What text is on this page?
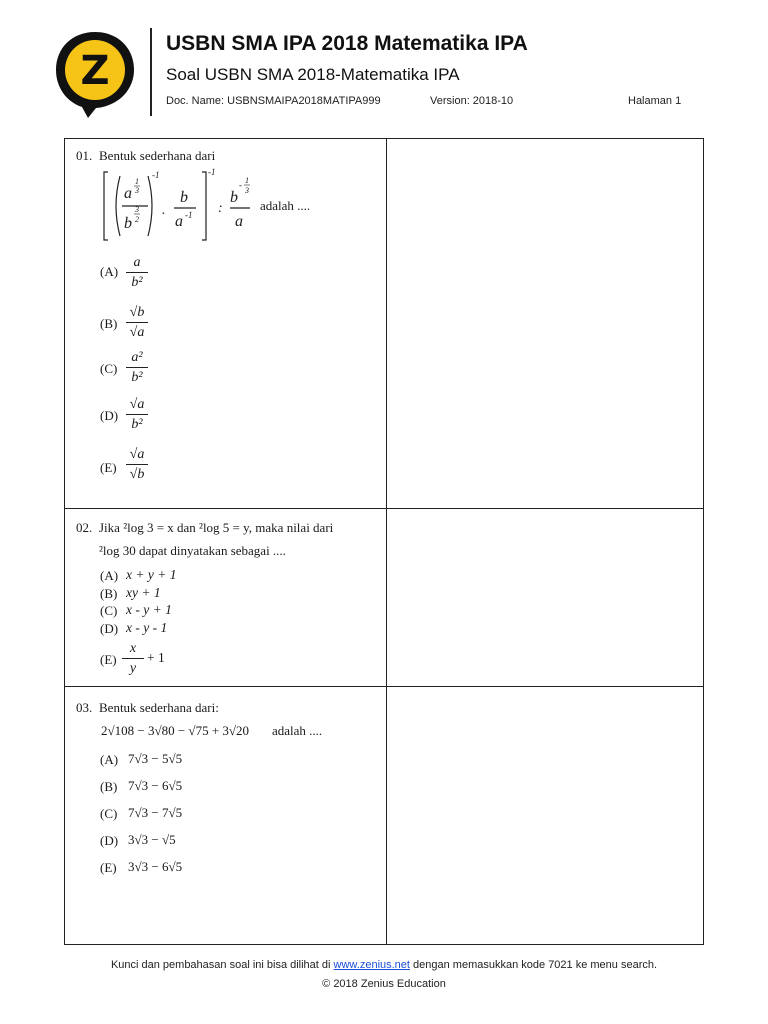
Z
USBN SMA IPA 2018 Matematika IPA
Soal USBN SMA 2018-Matematika IPA
Doc. Name: USBNSMAIPA2018MATIPA999	Version: 2018-10	Halaman 1
01. Bentuk sederhana dari
a
1
3
b
3
2
-1
.
b
a -1
-1
:
b
- 1
3
a
adalah ....
(A)
a
b²
(B)
√b
√a
(C)
a²
b²
(D)
√a
b²
(E)
√a
√b
02. Jika ²log 3 = x dan ²log 5 = y, maka nilai dari
²log 30 dapat dinyatakan sebagai ....
(A) x + y + 1
(B) xy + 1
(C) x - y + 1
(D) x - y - 1
(E)
x
y
+ 1
03. Bentuk sederhana dari:
2√108 − 3√80 − √75 + 3√20 adalah ....
(A) 7√3 − 5√5
(B) 7√3 − 6√5
(C) 7√3 − 7√5
(D) 3√3 − √5
(E) 3√3 − 6√5
Kunci dan pembahasan soal ini bisa dilihat di www.zenius.net dengan memasukkan kode 7021 ke menu search.
© 2018 Zenius Education
